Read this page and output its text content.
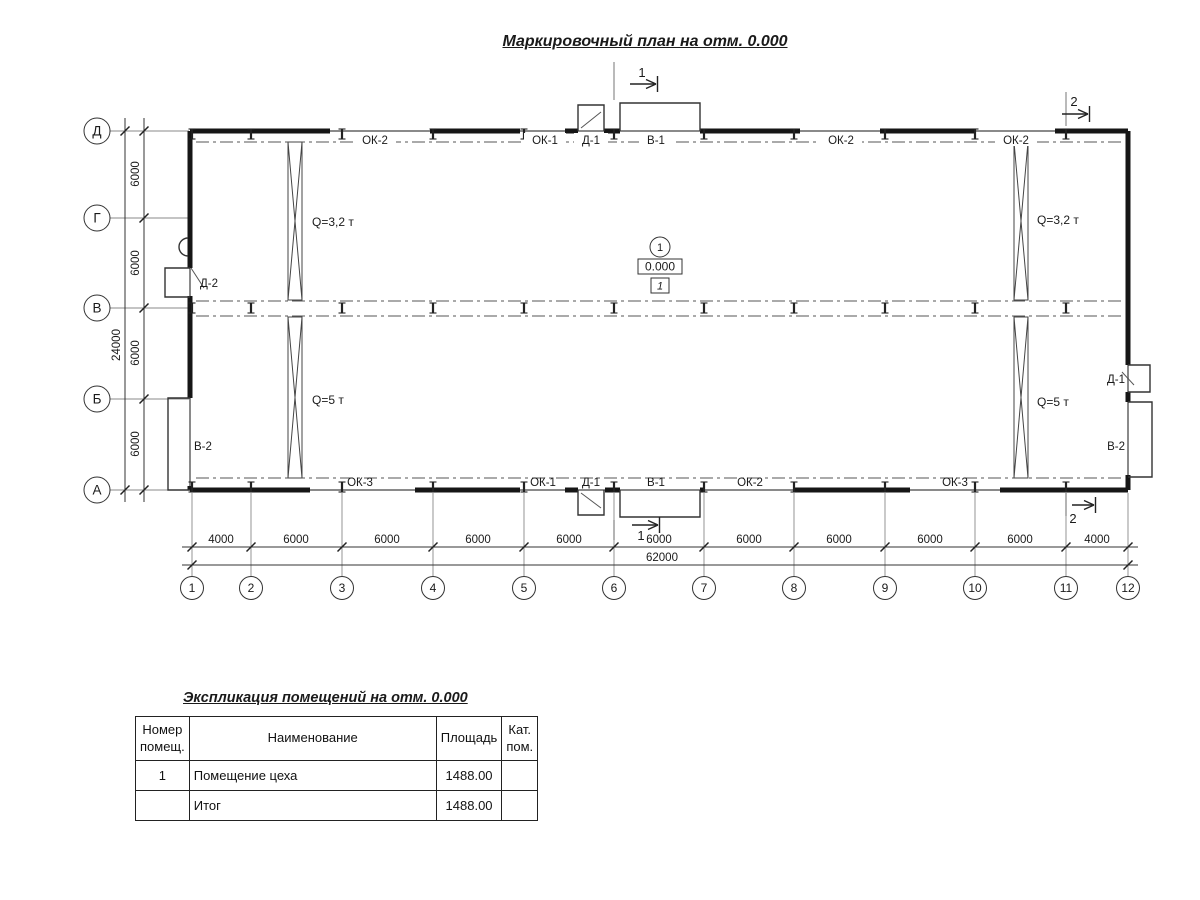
Маркировочный план на отм. 0.000
4000	6000	6000	6000	6000	6000	6000	6000	6000	6000	4000
62000
6000
6000
6000
6000
24000
Д
Г
В
Б
А
1	2	3	4	5	6	7	8	9	10	11	12
ОК-2	ОК-1 Д-1	В-1	ОК-2	ОК-2
ОК-3	ОК-1 Д-1	В-1	ОК-2	ОК-3
Д-2
В-2
Д-1
В-2
Q=3,2 т
Q=5 т
Q=3,2 т
Q=5 т
1
0.000
1
1
1
2
2
Экспликация помещений на отм. 0.000
Номер помещ.	Наименование	Площадь	Кат. пом.
1	Помещение цеха	1488.00	
	Итог	1488.00	
